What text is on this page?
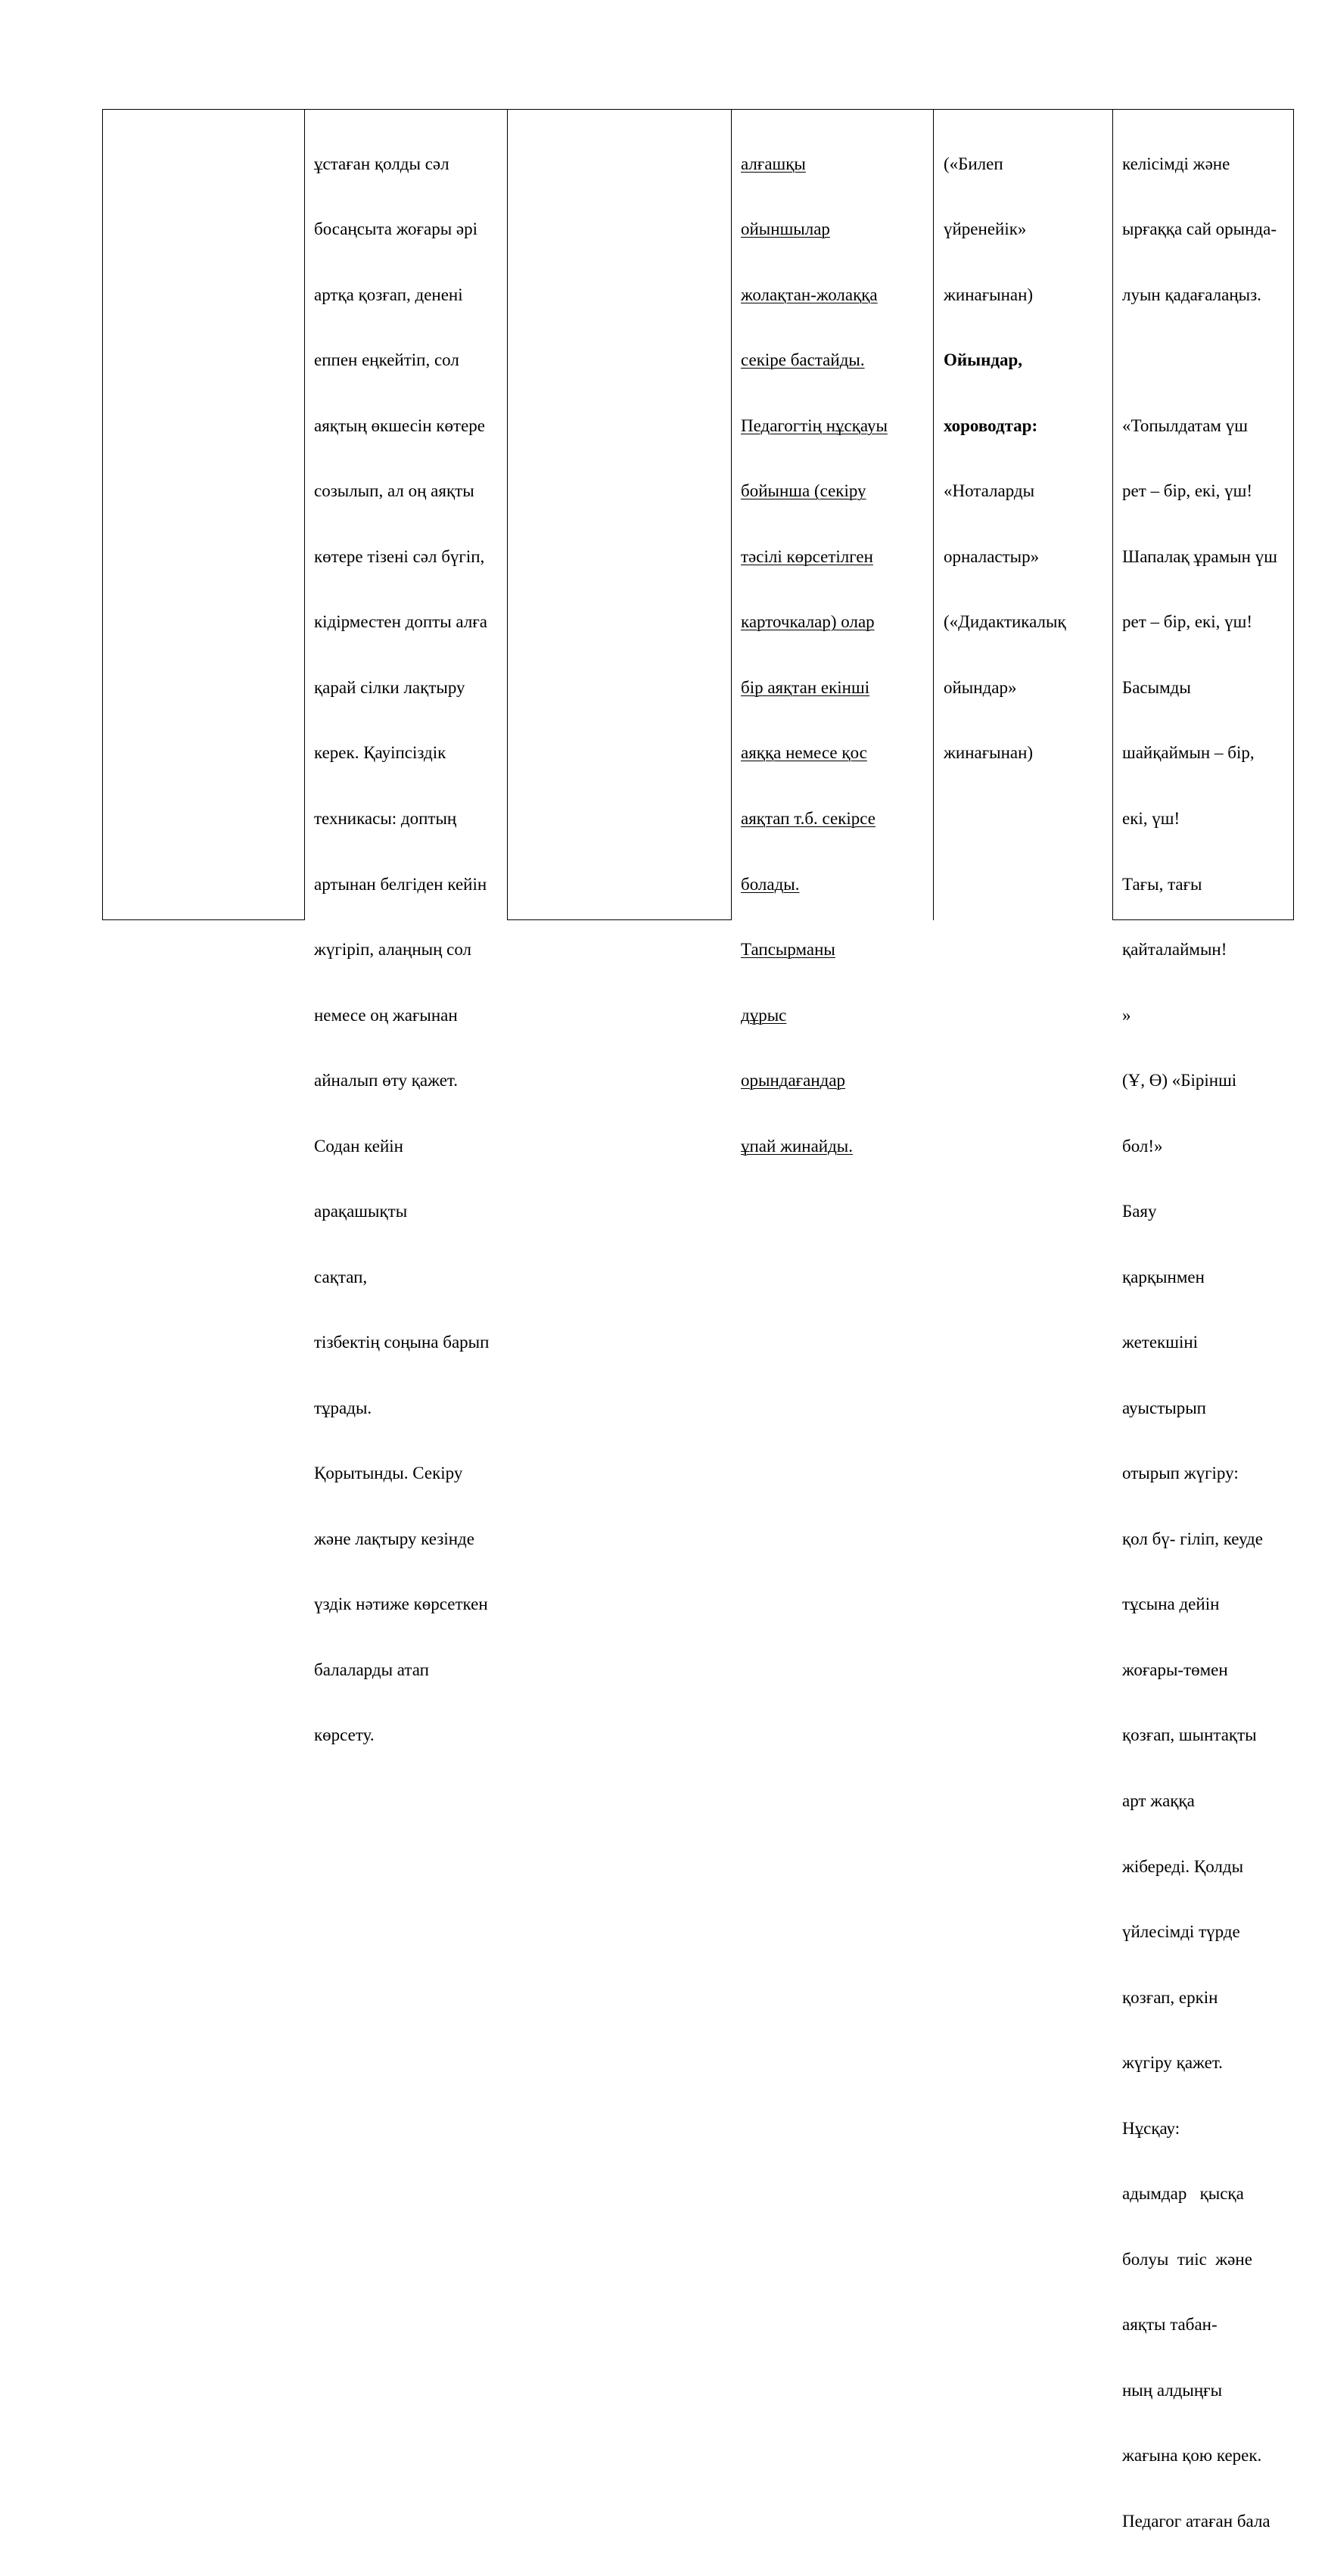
ұстаған қолды сәл

босаңсыта жоғары әрі

артқа қозғап, денені

еппен еңкейтіп, сол

аяқтың өкшесін көтере

созылып, ал оң аяқты

көтере тізені сәл бүгіп,

кідірместен допты алға

қарай сілки лақтыру

керек. Қауіпсіздік

техникасы: доптың

артынан белгіден кейін

жүгіріп, алаңның сол

немесе оң жағынан

айналып өту қажет.

Содан кейін

арақашықты

сақтап,

тізбектің соңына барып

тұрады.

Қорытынды. Секіру

және лақтыру кезінде

үздік нәтиже көрсеткен

балаларды атап

көрсету.

алғашқы

ойыншылар

жолақтан-жолаққа

секіре бастайды.

Педагогтің нұсқауы

бойынша (секіру

тәсілі көрсетілген

карточкалар) олар

бір аяқтан екінші

аяққа немесе қос

аяқтап т.б. секірсе

болады.

Тапсырманы

дұрыс

орындағандар

ұпай жинайды.

(«Билеп

үйренейік»

жинағынан)

Ойындар,

хороводтар:

«Ноталарды

орналастыр»

(«Дидактикалық

ойындар»

жинағынан)

келісімді және

ырғаққа сай орында-

луын қадағалаңыз.

«Топылдатам үш

рет – бір, екі, үш!

Шапалақ ұрамын үш

рет – бір, екі, үш!

Басымды

шайқаймын – бір,

екі, үш!

Тағы, тағы

қайталаймын!

»

(Ұ, Ө) «Бірінші

бол!»

Баяу

қарқынмен

жетекшіні

ауыстырып

отырып жүгіру:

қол бү- гіліп, кеуде

тұсына дейін

жоғары-төмен

қозғап, шынтақты

арт жаққа

жібереді. Қолды

үйлесімді түрде

қозғап, еркін

жүгіру қажет.

Нұсқау:

адымдар   қысқа

болуы  тиіс  және

аяқты табан-

ның алдыңғы

жағына қою керек.

Педагог атаған бала
